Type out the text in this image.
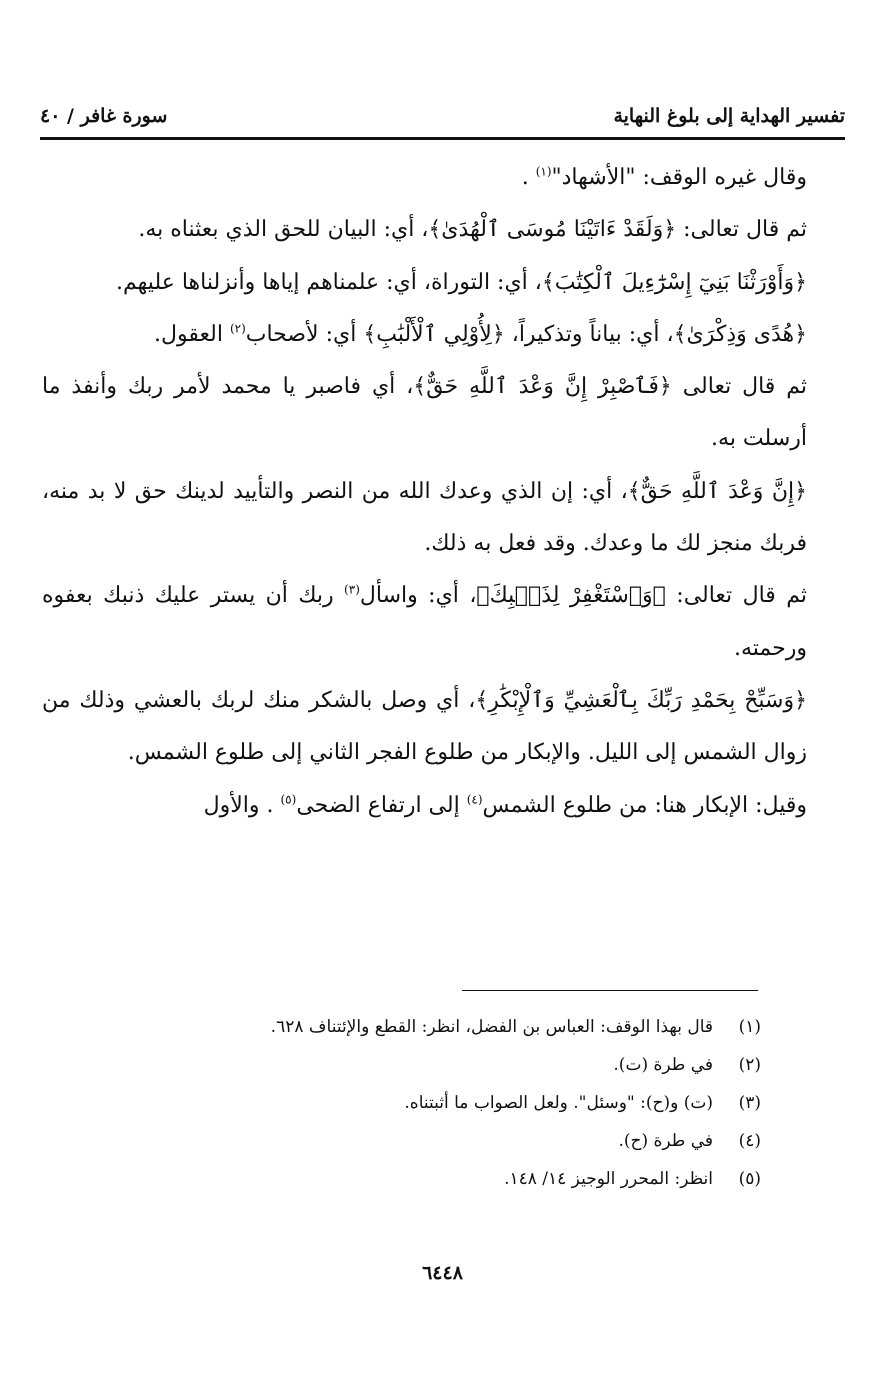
تفسير الهداية إلى بلوغ النهاية
سورة غافر / ٤٠

وقال غيره الوقف: "الأشهاد"$^{(١)}$ .

ثم قال تعالى: ﴿وَلَقَدْ ءَاتَيْنَا مُوسَى ٱلْهُدَىٰ﴾، أي: البيان للحق الذي بعثناه به.

﴿وَأَوْرَثْنَا بَنِيٓ إِسْرَٰٓءِيلَ ٱلْكِتَٰبَ﴾، أي: التوراة، أي: علمناهم إياها وأنزلناها عليهم.

﴿هُدًى وَذِكْرَىٰ﴾، أي: بياناً وتذكيراً، ﴿لِأُوْلِي ٱلْأَلْبَٰبِ﴾ أي: لأصحاب$^{(٢)}$ العقول.

ثم قال تعالى ﴿فَٱصْبِرْ إِنَّ وَعْدَ ٱللَّهِ حَقٌّ﴾، أي فاصبر يا محمد لأمر ربك وأنفذ ما أرسلت به.

﴿إِنَّ وَعْدَ ٱللَّهِ حَقٌّ﴾، أي: إن الذي وعدك الله من النصر والتأييد لدينك حق لا بد منه، فربك منجز لك ما وعدك. وقد فعل به ذلك.

ثم قال تعالى: ﴿وَٱسْتَغْفِرْ لِذَنۢبِكَ﴾، أي: واسأل$^{(٣)}$ ربك أن يستر عليك ذنبك بعفوه ورحمته.

﴿وَسَبِّحْ بِحَمْدِ رَبِّكَ بِٱلْعَشِيِّ وَٱلْإِبْكَٰرِ﴾، أي وصل بالشكر منك لربك بالعشي وذلك من زوال الشمس إلى الليل. والإبكار من طلوع الفجر الثاني إلى طلوع الشمس.

وقيل: الإبكار هنا: من طلوع الشمس$^{(٤)}$ إلى ارتفاع الضحى$^{(٥)}$ . والأول

(١)
قال بهذا الوقف: العباس بن الفضل، انظر: القطع والإئتناف ٦٢٨.
(٢)
في طرة (ت).
(٣)
(ت) و(ح): "وسئل". ولعل الصواب ما أثبتناه.
(٤)
في طرة (ح).
(٥)
انظر: المحرر الوجيز ١٤/ ١٤٨.
٦٤٤٨
